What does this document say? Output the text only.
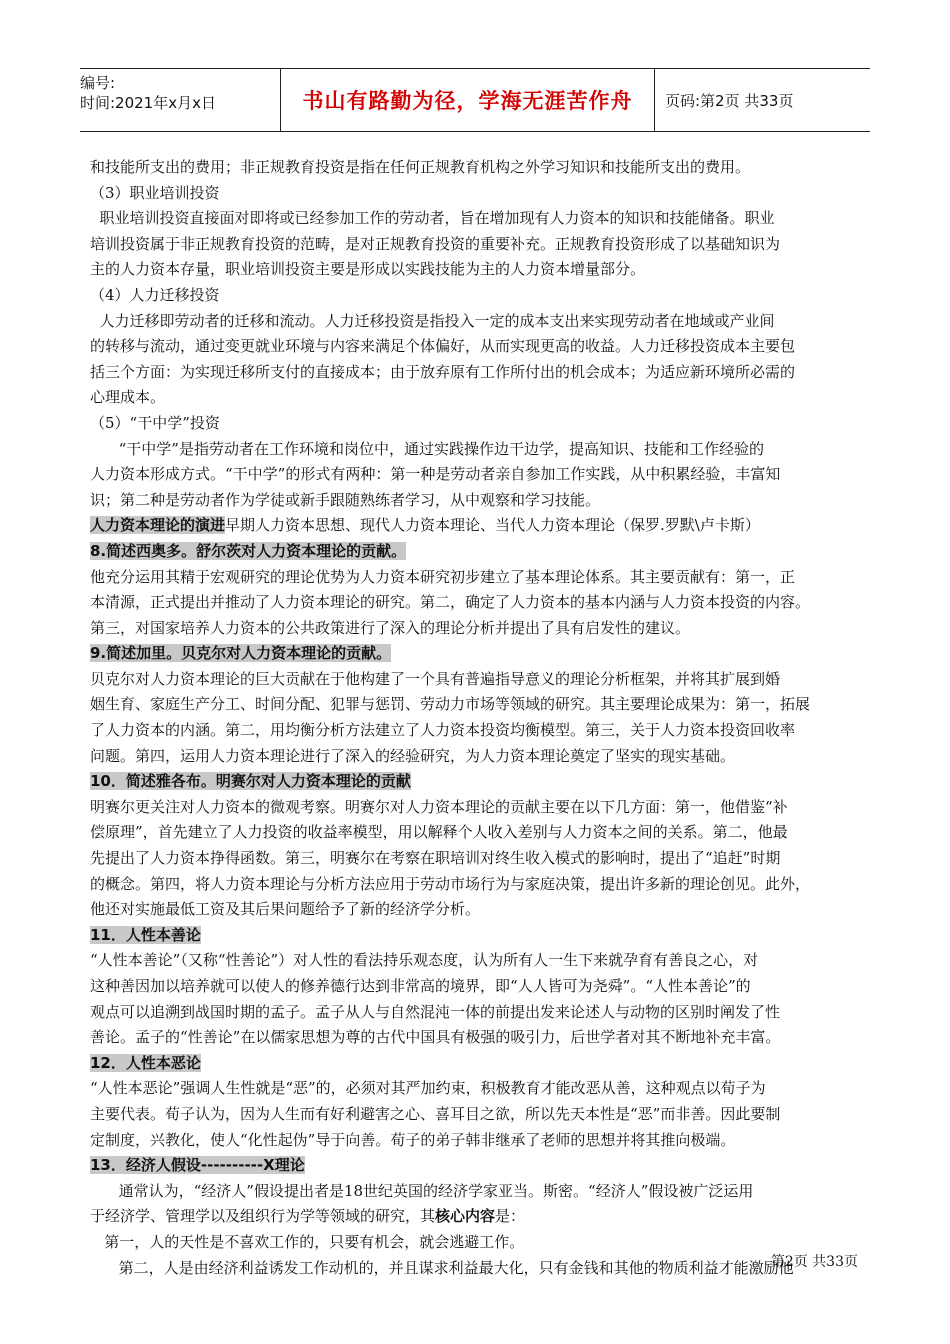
编号:
时间:2021年x月x日	书山有路勤为径，学海无涯苦作舟	页码:第2页 共33页
和技能所支出的费用；非正规教育投资是指在任何正规教育机构之外学习知识和技能所支出的费用。
（3）职业培训投资
职业培训投资直接面对即将或已经参加工作的劳动者，旨在增加现有人力资本的知识和技能储备。职业
培训投资属于非正规教育投资的范畴，是对正规教育投资的重要补充。正规教育投资形成了以基础知识为
主的人力资本存量，职业培训投资主要是形成以实践技能为主的人力资本增量部分。
（4）人力迁移投资
人力迁移即劳动者的迁移和流动。人力迁移投资是指投入一定的成本支出来实现劳动者在地域或产业间
的转移与流动，通过变更就业环境与内容来满足个体偏好，从而实现更高的收益。人力迁移投资成本主要包
括三个方面：为实现迁移所支付的直接成本；由于放弃原有工作所付出的机会成本；为适应新环境所必需的
心理成本。
（5）“干中学”投资
“干中学”是指劳动者在工作环境和岗位中，通过实践操作边干边学，提高知识、技能和工作经验的
人力资本形成方式。“干中学”的形式有两种：第一种是劳动者亲自参加工作实践，从中积累经验，丰富知
识；第二种是劳动者作为学徒或新手跟随熟练者学习，从中观察和学习技能。
人力资本理论的演进早期人力资本思想、现代人力资本理论、当代人力资本理论（保罗.罗默\卢卡斯）
8.简述西奥多。舒尔茨对人力资本理论的贡献。
他充分运用其精于宏观研究的理论优势为人力资本研究初步建立了基本理论体系。其主要贡献有：第一，正
本清源，正式提出并推动了人力资本理论的研究。第二，确定了人力资本的基本内涵与人力资本投资的内容。
第三，对国家培养人力资本的公共政策进行了深入的理论分析并提出了具有启发性的建议。
9.简述加里。贝克尔对人力资本理论的贡献。
贝克尔对人力资本理论的巨大贡献在于他构建了一个具有普遍指导意义的理论分析框架，并将其扩展到婚
姻生育、家庭生产分工、时间分配、犯罪与惩罚、劳动力市场等领域的研究。其主要理论成果为：第一，拓展
了人力资本的内涵。第二，用均衡分析方法建立了人力资本投资均衡模型。第三，关于人力资本投资回收率
问题。第四，运用人力资本理论进行了深入的经验研究，为人力资本理论奠定了坚实的现实基础。
10．简述雅各布。明赛尔对人力资本理论的贡献
明赛尔更关注对人力资本的微观考察。明赛尔对人力资本理论的贡献主要在以下几方面：第一，他借鉴“补
偿原理”，首先建立了人力投资的收益率模型，用以解释个人收入差别与人力资本之间的关系。第二，他最
先提出了人力资本挣得函数。第三，明赛尔在考察在职培训对终生收入模式的影响时，提出了“追赶”时期
的概念。第四，将人力资本理论与分析方法应用于劳动市场行为与家庭决策，提出许多新的理论创见。此外，
他还对实施最低工资及其后果问题给予了新的经济学分析。
11．人性本善论
“人性本善论”（又称“性善论”）对人性的看法持乐观态度，认为所有人一生下来就孕育有善良之心，对
这种善因加以培养就可以使人的修养德行达到非常高的境界，即“人人皆可为尧舜”。“人性本善论”的
观点可以追溯到战国时期的孟子。孟子从人与自然混沌一体的前提出发来论述人与动物的区别时阐发了性
善论。孟子的“性善论”在以儒家思想为尊的古代中国具有极强的吸引力，后世学者对其不断地补充丰富。
12．人性本恶论
“人性本恶论”强调人生性就是“恶”的，必须对其严加约束，积极教育才能改恶从善，这种观点以荀子为
主要代表。荀子认为，因为人生而有好利避害之心、喜耳目之欲，所以先天本性是“恶”而非善。因此要制
定制度，兴教化，使人“化性起伪”导于向善。荀子的弟子韩非继承了老师的思想并将其推向极端。
13．经济人假设----------X理论
通常认为，“经济人”假设提出者是18世纪英国的经济学家亚当。斯密。“经济人”假设被广泛运用
于经济学、管理学以及组织行为学等领域的研究，其核心内容是：
第一，人的天性是不喜欢工作的，只要有机会，就会逃避工作。
第二，人是由经济利益诱发工作动机的，并且谋求利益最大化，只有金钱和其他的物质利益才能激励他
第2页 共33页
